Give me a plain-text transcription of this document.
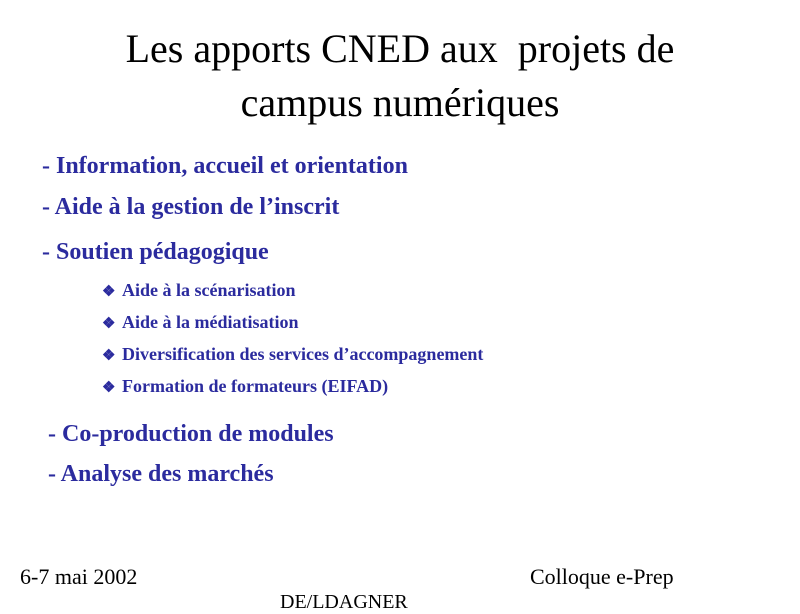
Les apports CNED aux  projets de
campus numériques
- Information, accueil et orientation
- Aide à la gestion de l’inscrit
- Soutien pédagogique
❖ Aide à la scénarisation
❖ Aide à la médiatisation
❖ Diversification des services d’accompagnement
❖ Formation de formateurs (EIFAD)
- Co-production de modules
- Analyse des marchés
6-7 mai 2002	Colloque e-Prep
DE/LDAGNER
